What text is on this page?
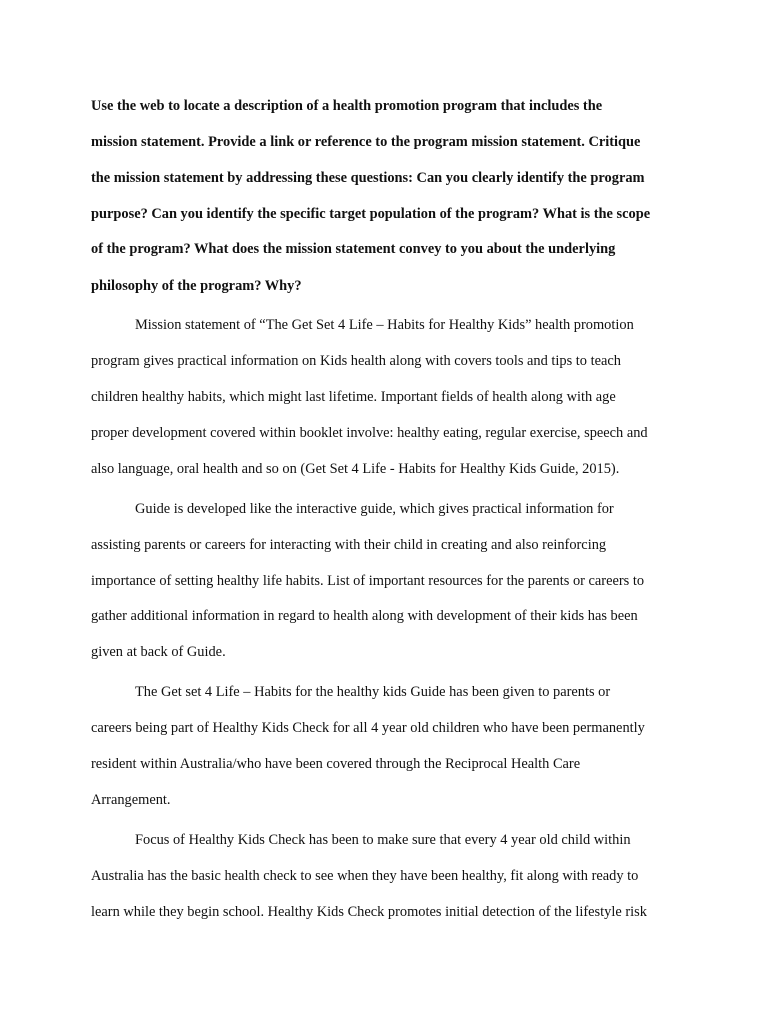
Use the web to locate a description of a health promotion program that includes the

mission statement. Provide a link or reference to the program mission statement. Critique

the mission statement by addressing these questions: Can you clearly identify the program

purpose? Can you identify the specific target population of the program? What is the scope

of the program? What does the mission statement convey to you about the underlying

philosophy of the program? Why?

Mission statement of “The Get Set 4 Life – Habits for Healthy Kids” health promotion

program gives practical information on Kids health along with covers tools and tips to teach

children healthy habits, which might last lifetime. Important fields of health along with age

proper development covered within booklet involve: healthy eating, regular exercise, speech and

also language, oral health and so on (Get Set 4 Life - Habits for Healthy Kids Guide, 2015).

Guide is developed like the interactive guide, which gives practical information for

assisting parents or careers for interacting with their child in creating and also reinforcing

importance of setting healthy life habits. List of important resources for the parents or careers to

gather additional information in regard to health along with development of their kids has been

given at back of Guide.

The Get set 4 Life – Habits for the healthy kids Guide has been given to parents or

careers being part of Healthy Kids Check for all 4 year old children who have been permanently

resident within Australia/who have been covered through the Reciprocal Health Care

Arrangement.

Focus of Healthy Kids Check has been to make sure that every 4 year old child within

Australia has the basic health check to see when they have been healthy, fit along with ready to

learn while they begin school. Healthy Kids Check promotes initial detection of the lifestyle risk
